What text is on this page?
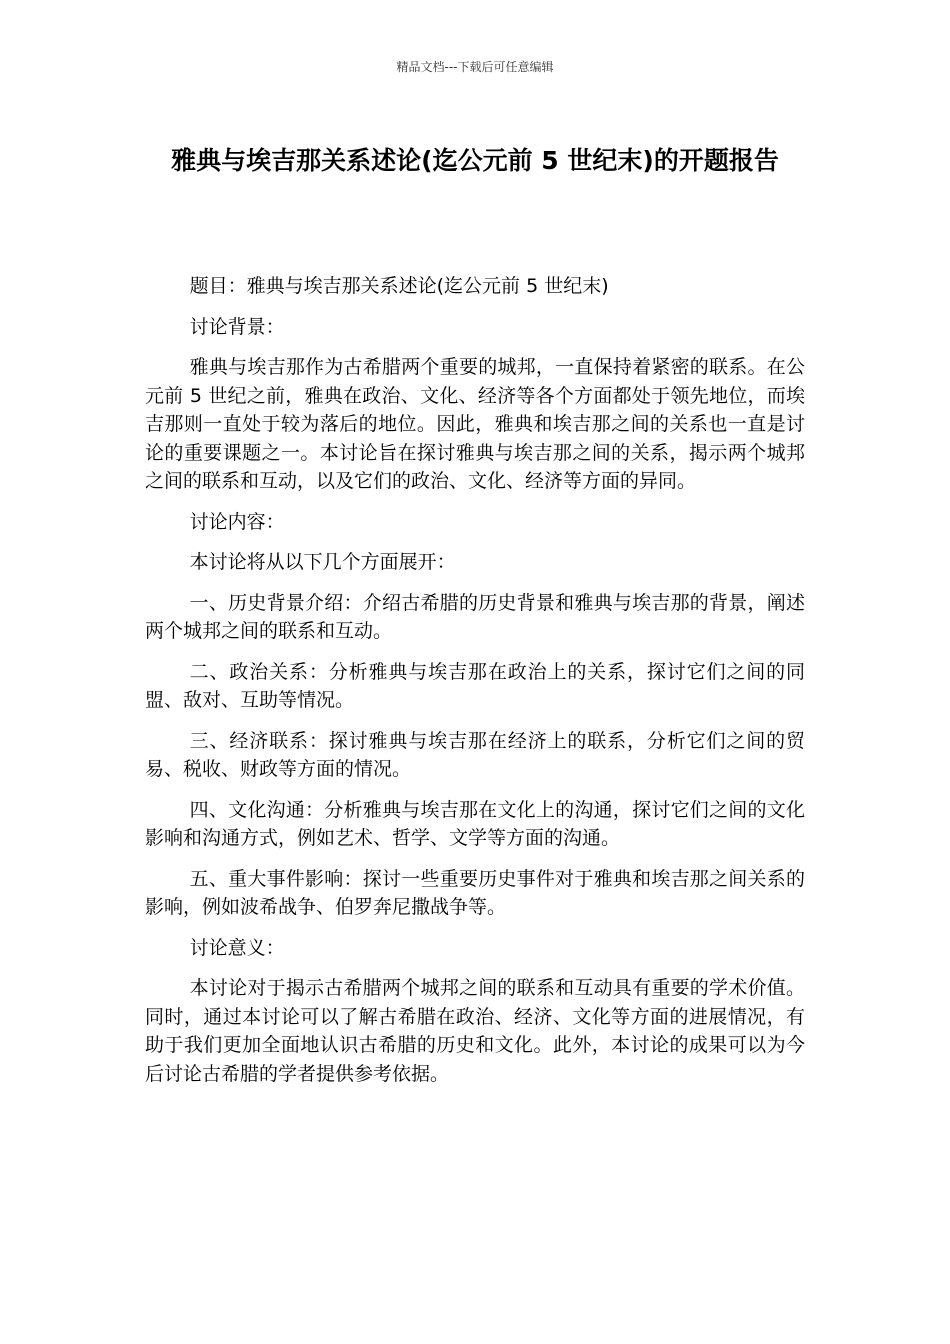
精品文档---下载后可任意编辑
雅典与埃吉那关系述论(迄公元前 5 世纪末)的开题报告

题目：雅典与埃吉那关系述论(迄公元前 5 世纪末)

讨论背景：

雅典与埃吉那作为古希腊两个重要的城邦，一直保持着紧密的联系。在公元前 5 世纪之前，雅典在政治、文化、经济等各个方面都处于领先地位，而埃吉那则一直处于较为落后的地位。因此，雅典和埃吉那之间的关系也一直是讨论的重要课题之一。本讨论旨在探讨雅典与埃吉那之间的关系，揭示两个城邦之间的联系和互动，以及它们的政治、文化、经济等方面的异同。

讨论内容：

本讨论将从以下几个方面展开：

一、历史背景介绍：介绍古希腊的历史背景和雅典与埃吉那的背景，阐述两个城邦之间的联系和互动。

二、政治关系：分析雅典与埃吉那在政治上的关系，探讨它们之间的同盟、敌对、互助等情况。

三、经济联系：探讨雅典与埃吉那在经济上的联系，分析它们之间的贸易、税收、财政等方面的情况。

四、文化沟通：分析雅典与埃吉那在文化上的沟通，探讨它们之间的文化影响和沟通方式，例如艺术、哲学、文学等方面的沟通。

五、重大事件影响：探讨一些重要历史事件对于雅典和埃吉那之间关系的影响，例如波希战争、伯罗奔尼撒战争等。

讨论意义：

本讨论对于揭示古希腊两个城邦之间的联系和互动具有重要的学术价值。同时，通过本讨论可以了解古希腊在政治、经济、文化等方面的进展情况，有助于我们更加全面地认识古希腊的历史和文化。此外，本讨论的成果可以为今后讨论古希腊的学者提供参考依据。
